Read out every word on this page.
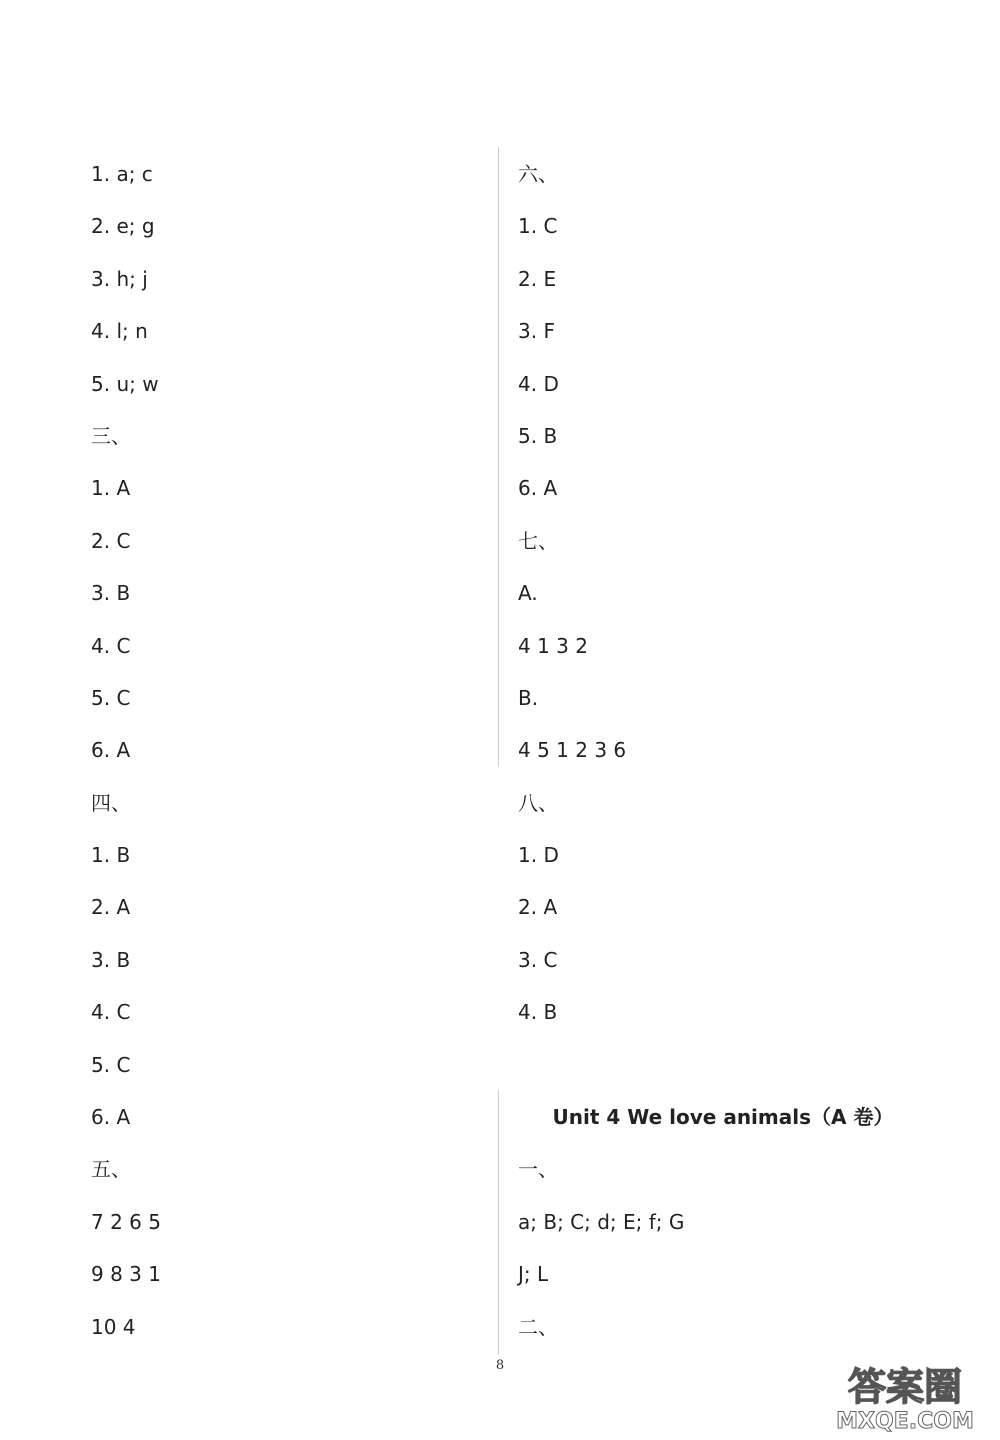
1. a; c
2. e; g
3. h; j
4. l; n
5. u; w
三、
1. A
2. C
3. B
4. C
5. C
6. A
四、
1. B
2. A
3. B
4. C
5. C
6. A
五、
7 2 6 5
9 8 3 1
10 4
六、
1. C
2. E
3. F
4. D
5. B
6. A
七、
A.
4 1 3 2
B.
4 5 1 2 3 6
八、
1. D
2. A
3. C
4. B
Unit 4 We love animals（A 卷）
一、
a; B; C; d; E; f; G
J; L
二、
8	答案圈
MXQE.COM
